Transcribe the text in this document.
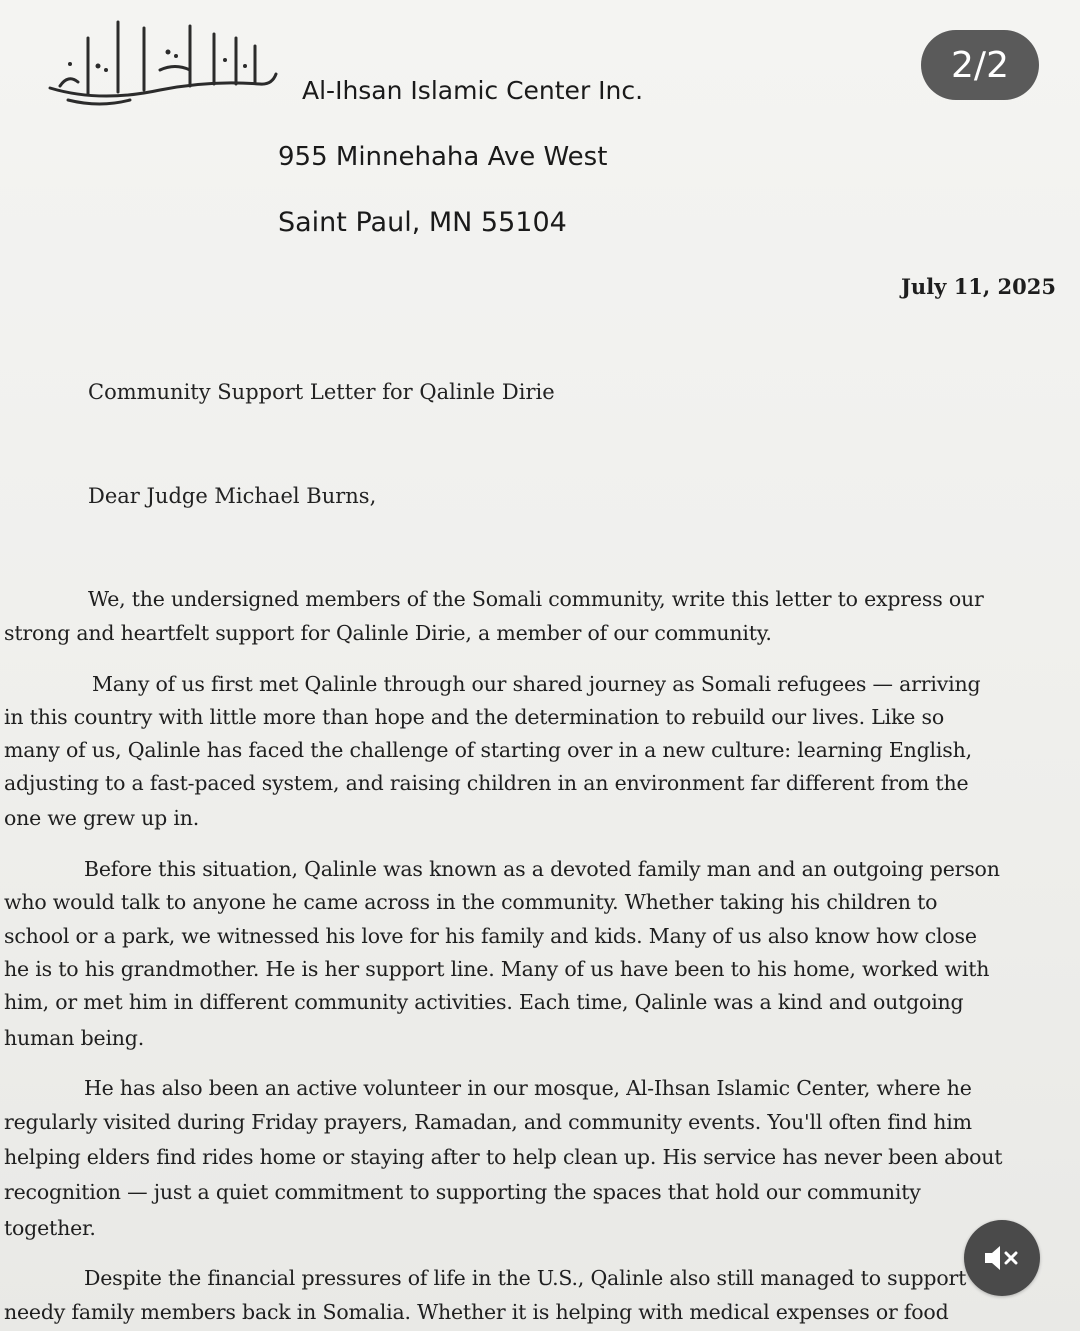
Al-Ihsan Islamic Center Inc.
955 Minnehaha Ave West
Saint Paul, MN 55104
July 11, 2025
Community Support Letter for Qalinle Dirie
Dear Judge Michael Burns,
We, the undersigned members of the Somali community, write this letter to express our
strong and heartfelt support for Qalinle Dirie, a member of our community.
Many of us first met Qalinle through our shared journey as Somali refugees — arriving
in this country with little more than hope and the determination to rebuild our lives. Like so
many of us, Qalinle has faced the challenge of starting over in a new culture: learning English,
adjusting to a fast-paced system, and raising children in an environment far different from the
one we grew up in.
Before this situation, Qalinle was known as a devoted family man and an outgoing person
who would talk to anyone he came across in the community. Whether taking his children to
school or a park, we witnessed his love for his family and kids. Many of us also know how close
he is to his grandmother. He is her support line. Many of us have been to his home, worked with
him, or met him in different community activities. Each time, Qalinle was a kind and outgoing
human being.
He has also been an active volunteer in our mosque, Al-Ihsan Islamic Center, where he
regularly visited during Friday prayers, Ramadan, and community events. You'll often find him
helping elders find rides home or staying after to help clean up. His service has never been about
recognition — just a quiet commitment to supporting the spaces that hold our community
together.
Despite the financial pressures of life in the U.S., Qalinle also still managed to support
needy family members back in Somalia. Whether it is helping with medical expenses or food
2/2
